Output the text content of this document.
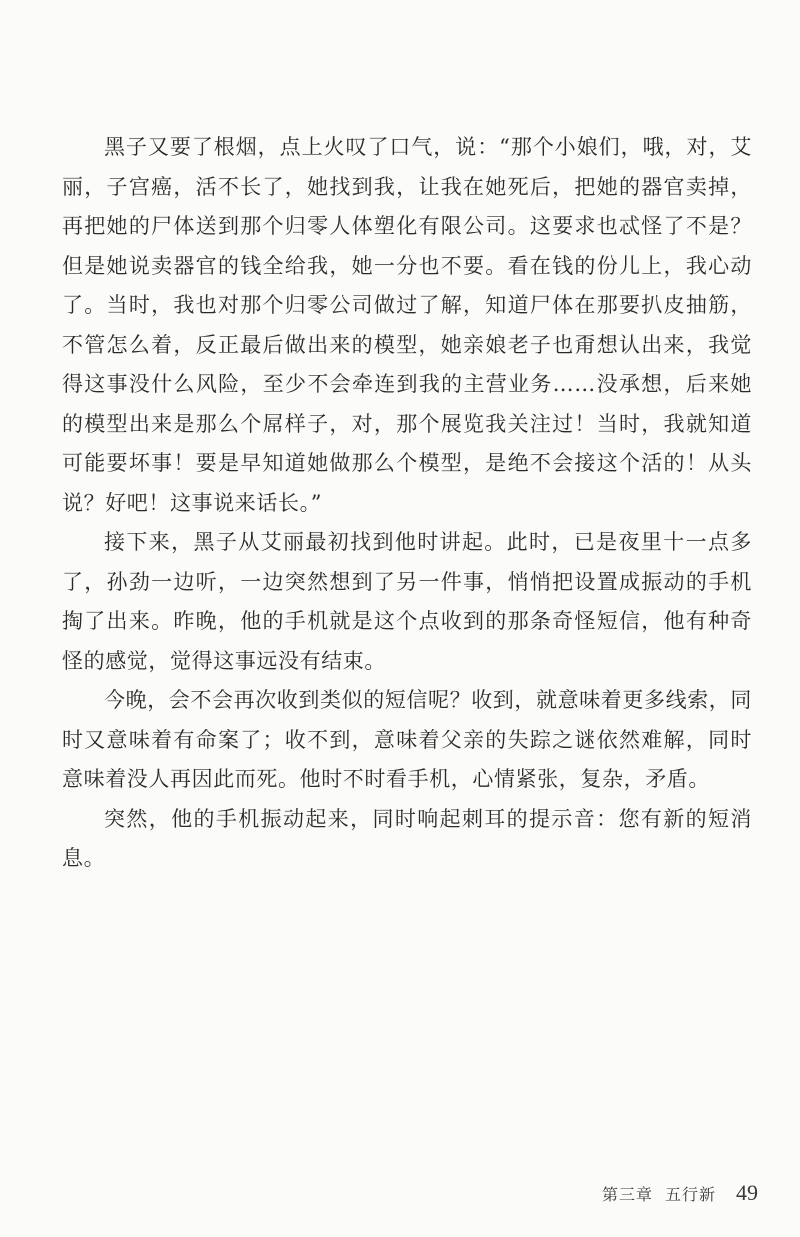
黑子又要了根烟，点上火叹了口气，说：“那个小娘们，哦，对，艾丽，子宫癌，活不长了，她找到我，让我在她死后，把她的器官卖掉，再把她的尸体送到那个归零人体塑化有限公司。这要求也忒怪了不是？但是她说卖器官的钱全给我，她一分也不要。看在钱的份儿上，我心动了。当时，我也对那个归零公司做过了解，知道尸体在那要扒皮抽筋，不管怎么着，反正最后做出来的模型，她亲娘老子也甭想认出来，我觉得这事没什么风险，至少不会牵连到我的主营业务……没承想，后来她的模型出来是那么个屌样子，对，那个展览我关注过！当时，我就知道可能要坏事！要是早知道她做那么个模型，是绝不会接这个活的！从头说？好吧！这事说来话长。”

接下来，黑子从艾丽最初找到他时讲起。此时，已是夜里十一点多了，孙劲一边听，一边突然想到了另一件事，悄悄把设置成振动的手机掏了出来。昨晚，他的手机就是这个点收到的那条奇怪短信，他有种奇怪的感觉，觉得这事远没有结束。

今晚，会不会再次收到类似的短信呢？收到，就意味着更多线索，同时又意味着有命案了；收不到，意味着父亲的失踪之谜依然难解，同时意味着没人再因此而死。他时不时看手机，心情紧张，复杂，矛盾。

突然，他的手机振动起来，同时响起刺耳的提示音：您有新的短消息。

第三章 五行新 49
